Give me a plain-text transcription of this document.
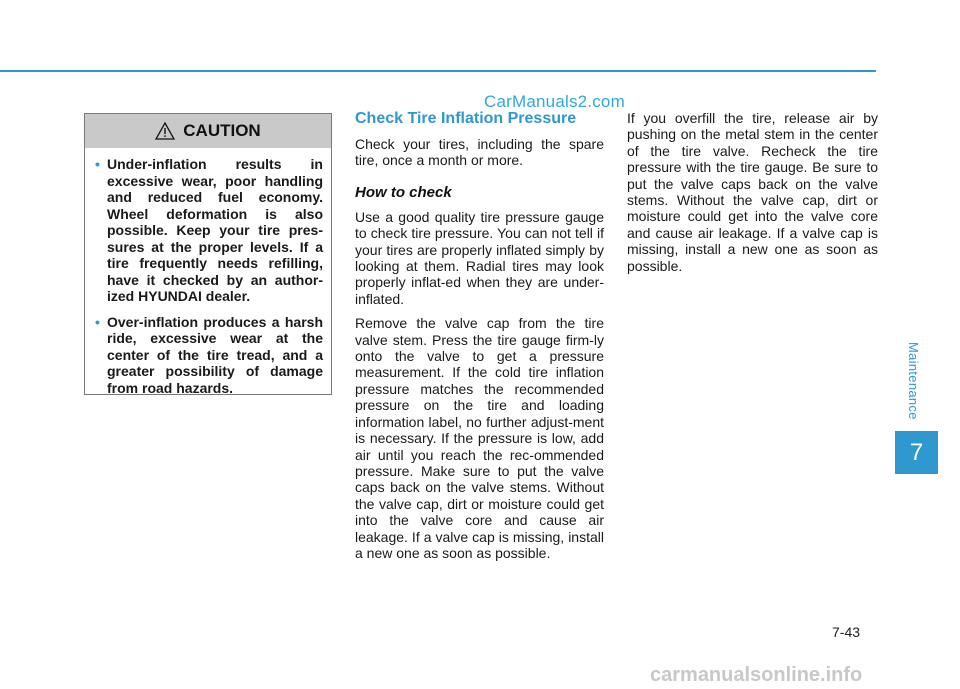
CarManuals2.com
CAUTION
• Under-inflation results in excessive wear, poor handling and reduced fuel economy. Wheel deformation is also possible. Keep your tire pres-sures at the proper levels. If a tire frequently needs refilling, have it checked by an author-ized HYUNDAI dealer.
• Over-inflation produces a harsh ride, excessive wear at the center of the tire tread, and a greater possibility of damage from road hazards.
Check Tire Inflation Pressure

Check your tires, including the spare tire, once a month or more.

How to check

Use a good quality tire pressure gauge to check tire pressure. You can not tell if your tires are properly inflated simply by looking at them. Radial tires may look properly inflat-ed when they are under-inflated.

Remove the valve cap from the tire valve stem. Press the tire gauge firm-ly onto the valve to get a pressure measurement. If the cold tire inflation pressure matches the recommended pressure on the tire and loading information label, no further adjust-ment is necessary. If the pressure is low, add air until you reach the rec-ommended pressure. Make sure to put the valve caps back on the valve stems. Without the valve cap, dirt or moisture could get into the valve core and cause air leakage. If a valve cap is missing, install a new one as soon as possible.

If you overfill the tire, release air by pushing on the metal stem in the center of the tire valve. Recheck the tire pressure with the tire gauge. Be sure to put the valve caps back on the valve stems. Without the valve cap, dirt or moisture could get into the valve core and cause air leakage. If a valve cap is missing, install a new one as soon as possible.

Maintenance
7
7-43
carmanualsonline.info
